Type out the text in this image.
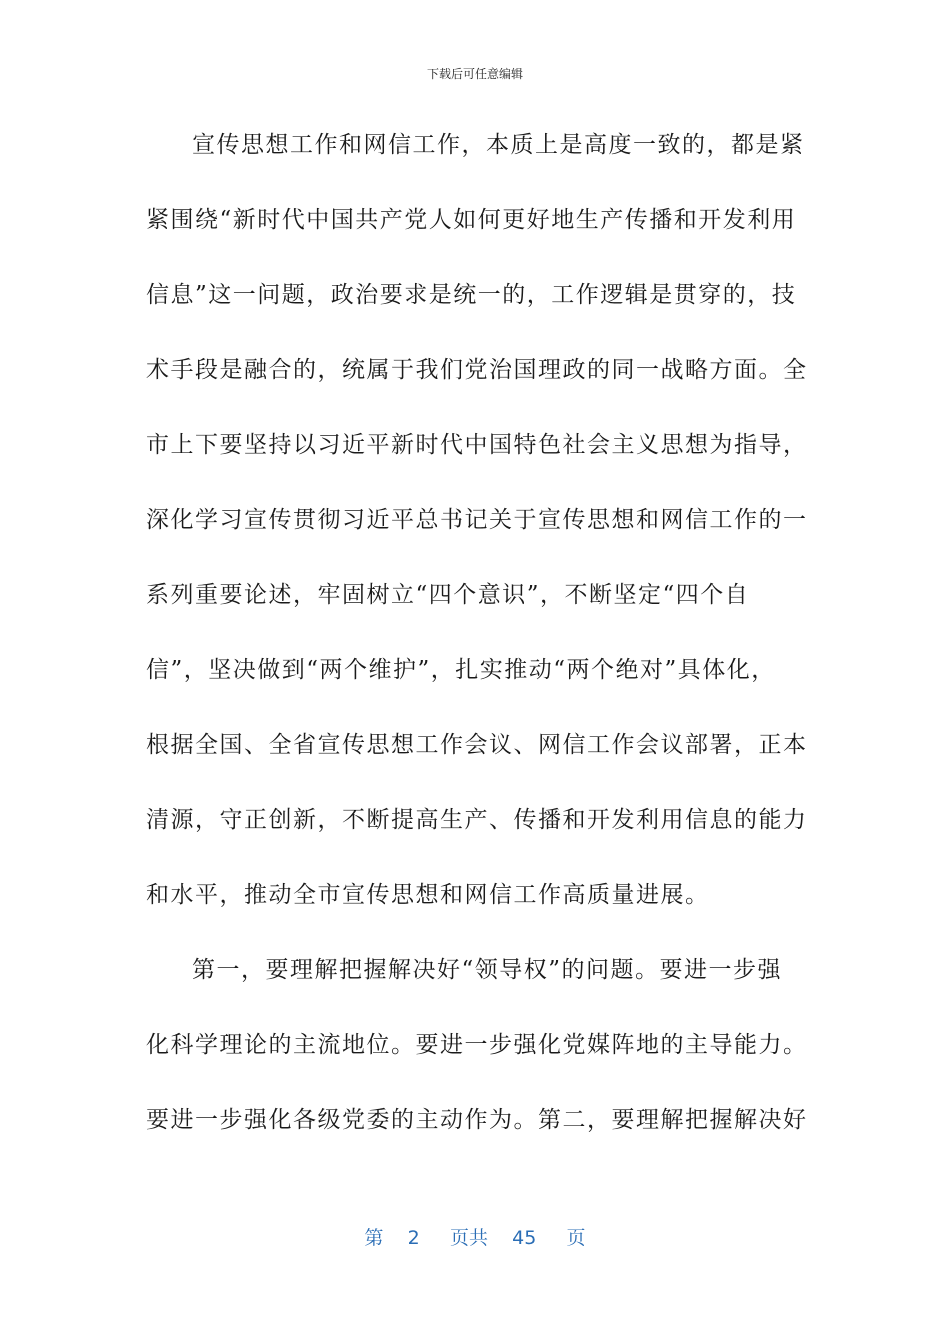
下载后可任意编辑
宣传思想工作和网信工作，本质上是高度一致的，都是紧
紧围绕“新时代中国共产党人如何更好地生产传播和开发利用
信息”这一问题，政治要求是统一的，工作逻辑是贯穿的，技
术手段是融合的，统属于我们党治国理政的同一战略方面。全
市上下要坚持以习近平新时代中国特色社会主义思想为指导，
深化学习宣传贯彻习近平总书记关于宣传思想和网信工作的一
系列重要论述，牢固树立“四个意识”，不断坚定“四个自
信”，坚决做到“两个维护”，扎实推动“两个绝对”具体化，
根据全国、全省宣传思想工作会议、网信工作会议部署，正本
清源，守正创新，不断提高生产、传播和开发利用信息的能力
和水平，推动全市宣传思想和网信工作高质量进展。
第一，要理解把握解决好“领导权”的问题。要进一步强
化科学理论的主流地位。要进一步强化党媒阵地的主导能力。
要进一步强化各级党委的主动作为。第二，要理解把握解决好
第 2 页共 45 页
